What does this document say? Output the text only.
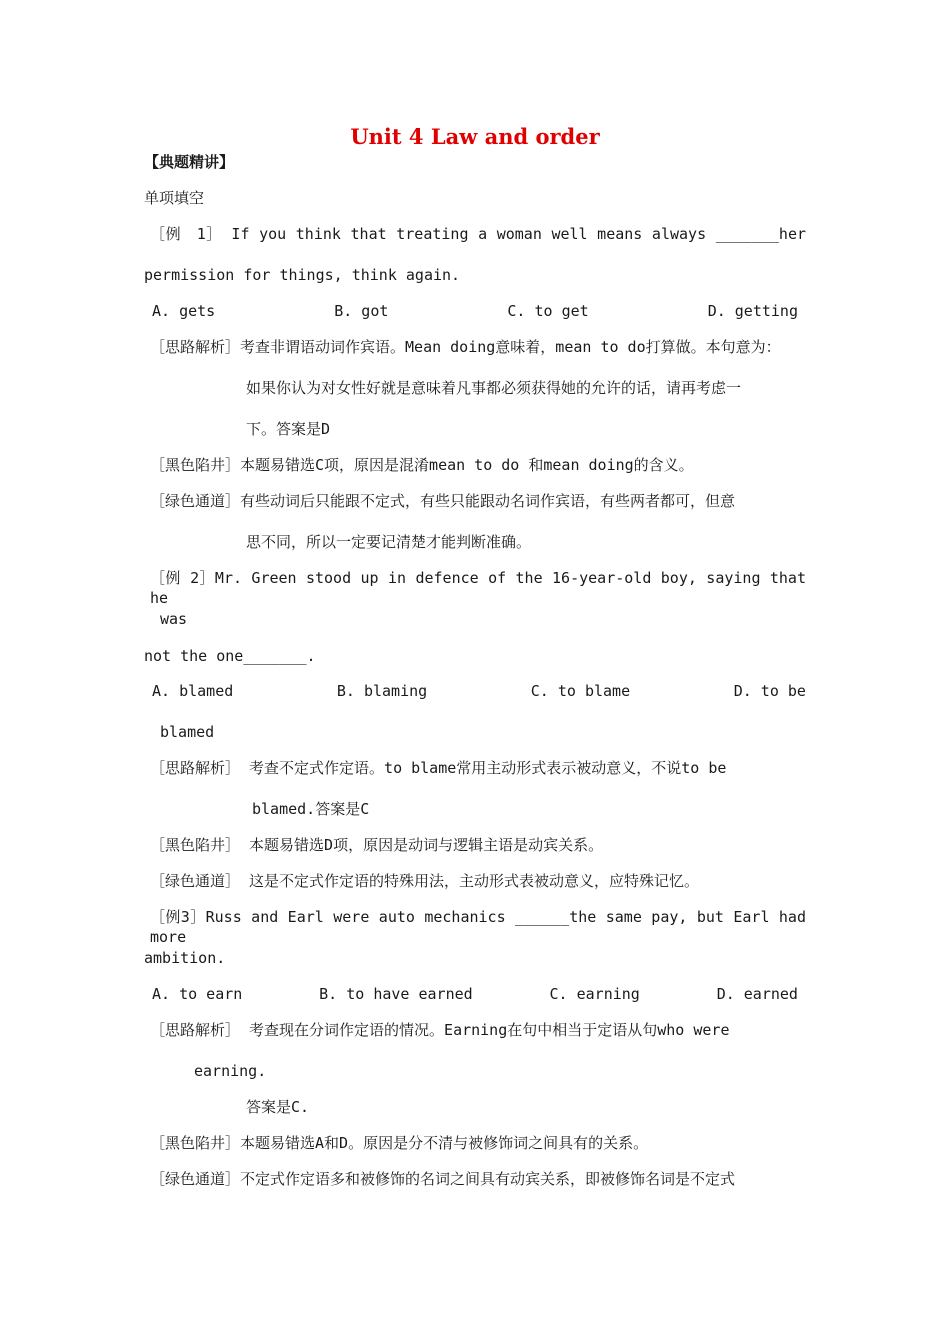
Unit 4 Law and order
【典题精讲】
单项填空
［例　1］ If you think that treating a woman well means always _______her
permission for things, think again.
A. gets	B. got	C. to get	D. getting
［思路解析］考查非谓语动词作宾语。Mean doing意味着，mean to do打算做。本句意为：
如果你认为对女性好就是意味着凡事都必须获得她的允许的话，请再考虑一
下。答案是D
［黑色陷井］本题易错选C项，原因是混淆mean to do 和mean doing的含义。
［绿色通道］有些动词后只能跟不定式，有些只能跟动名词作宾语，有些两者都可，但意
思不同，所以一定要记清楚才能判断准确。
［例 2］Mr. Green stood up in defence of the 16-year-old boy, saying that he
was
not the one_______.
A. blamed	B. blaming	C. to blame	D. to be
blamed
［思路解析］ 考查不定式作定语。to blame常用主动形式表示被动意义，不说to be
blamed.答案是C
［黑色陷井］ 本题易错选D项，原因是动词与逻辑主语是动宾关系。
［绿色通道］ 这是不定式作定语的特殊用法，主动形式表被动意义，应特殊记忆。
［例3］Russ and Earl were auto mechanics ______the same pay, but Earl had more
ambition.
A. to earn	B. to have earned	C. earning	D. earned
［思路解析］ 考查现在分词作定语的情况。Earning在句中相当于定语从句who were
earning.
答案是C.
［黑色陷井］本题易错选A和D。原因是分不清与被修饰词之间具有的关系。
［绿色通道］不定式作定语多和被修饰的名词之间具有动宾关系，即被修饰名词是不定式
